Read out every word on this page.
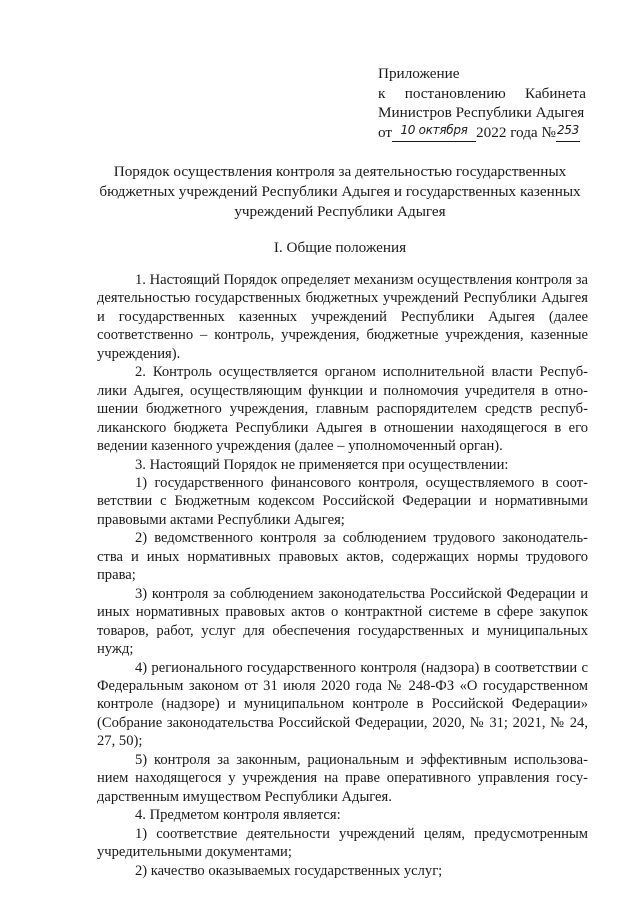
Приложение
к постановлению Кабинета
Министров Республики Адыгея
от 10 октября 2022 года № 253
Порядок осуществления контроля за деятельностью государственных бюджетных учреждений Республики Адыгея и государственных казенных учреждений Республики Адыгея
I. Общие положения

1. Настоящий Порядок определяет механизм осуществления контроля за деятельностью государственных бюджетных учреждений Республики Адыгея и государственных казенных учреждений Республики Адыгея (далее соответственно – контроль, учреждения, бюджетные учреждения, казенные учреждения).

2. Контроль осуществляется органом исполнительной власти Республики Адыгея, осуществляющим функции и полномочия учредителя в отношении бюджетного учреждения, главным распорядителем средств республиканского бюджета Республики Адыгея в отношении находящегося в его ведении казенного учреждения (далее – уполномоченный орган).

3. Настоящий Порядок не применяется при осуществлении:

1) государственного финансового контроля, осуществляемого в соответствии с Бюджетным кодексом Российской Федерации и нормативными правовыми актами Республики Адыгея;

2) ведомственного контроля за соблюдением трудового законодательства и иных нормативных правовых актов, содержащих нормы трудового права;

3) контроля за соблюдением законодательства Российской Федерации и иных нормативных правовых актов о контрактной системе в сфере закупок товаров, работ, услуг для обеспечения государственных и муниципальных нужд;

4) регионального государственного контроля (надзора) в соответствии с Федеральным законом от 31 июля 2020 года № 248-ФЗ «О государственном контроле (надзоре) и муниципальном контроле в Российской Федерации» (Собрание законодательства Российской Федерации, 2020, № 31; 2021, № 24, 27, 50);

5) контроля за законным, рациональным и эффективным использованием находящегося у учреждения на праве оперативного управления государственным имуществом Республики Адыгея.

4. Предметом контроля является:

1) соответствие деятельности учреждений целям, предусмотренным учредительными документами;

2) качество оказываемых государственных услуг;
